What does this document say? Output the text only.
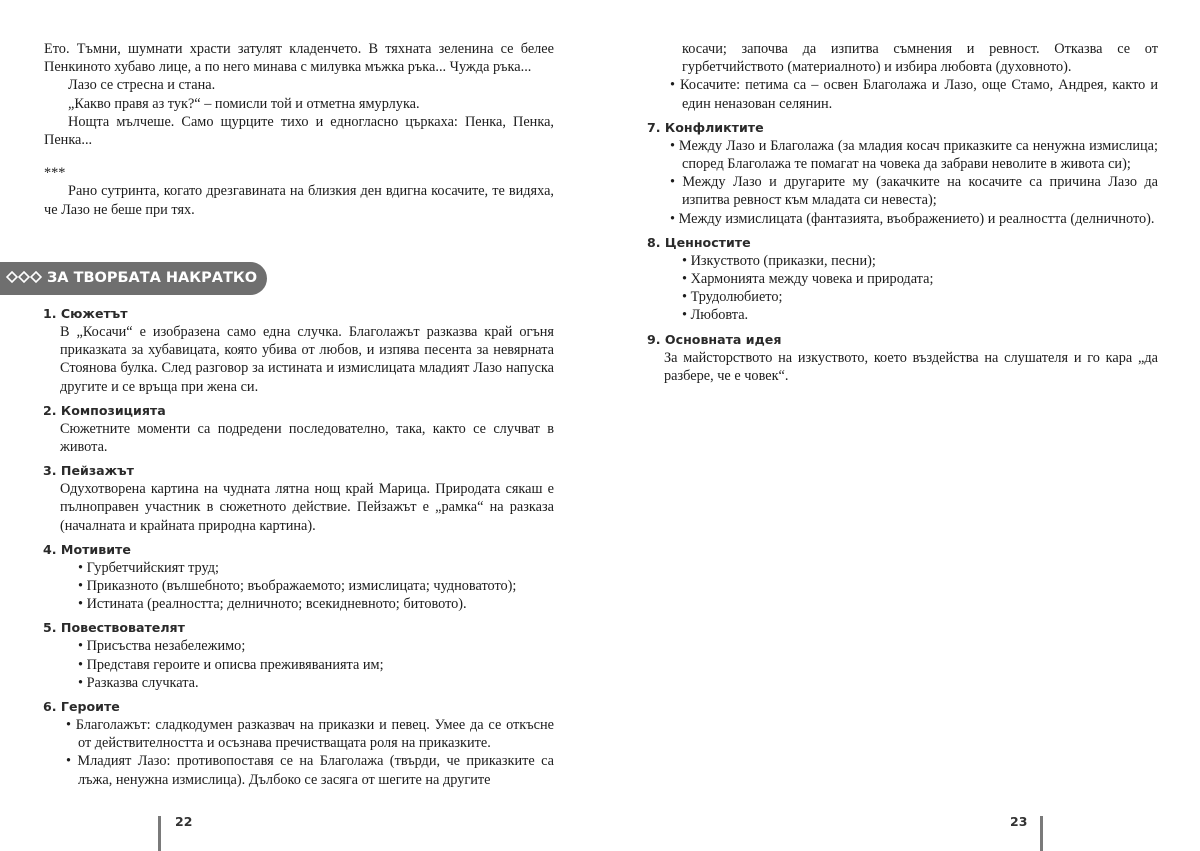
Ето. Тъмни, шумнати храсти затулят кладенчето. В тяхната зеленина се белее Пенкиното хубаво лице, а по него минава с милувка мъжка ръка... Чужда ръка...

Лазо се стресна и стана.

„Какво правя аз тук?“ – помисли той и отметна ямурлука.

Нощта мълчеше. Само щурците тихо и едногласно църкаха: Пенка, Пенка, Пенка...

***

Рано сутринта, когато дрезгавината на близкия ден вдигна косачите, те видяха, че Лазо не беше при тях.

ЗА ТВОРБАТА НАКРАТКО
1. Сюжетът

В „Косачи“ е изобразена само една случка. Благолажът разказва край огъня приказката за хубавицата, която убива от любов, и изпява песента за невярната Стоянова булка. След разговор за истината и измислицата младият Лазо напуска другите и се връща при жена си.

2. Композицията

Сюжетните моменти са подредени последователно, така, както се случват в живота.

3. Пейзажът

Одухотворена картина на чудната лятна нощ край Марица. Природата сякаш е пълноправен участник в сюжетното действие. Пейзажът е „рамка“ на разказа (началната и крайната природна картина).

4. Мотивите

• Гурбетчийският труд;

• Приказното (вълшебното; въображаемото; измислицата; чудноватото);

• Истината (реалността; делничното; всекидневното; битовото).

5. Повествователят

• Присъства незабележимо;

• Представя героите и описва преживяванията им;

• Разказва случката.

6. Героите

• Благолажът: сладкодумен разказвач на приказки и певец. Умее да се откъсне от действителността и осъзнава пречистващата роля на приказките.

• Младият Лазо: противопоставя се на Благолажа (твърди, че приказките са лъжа, ненужна измислица). Дълбоко се засяга от шегите на другите

22

косачи; започва да изпитва съмнения и ревност. Отказва се от гурбетчийството (материалното) и избира любовта (духовното).

• Косачите: петима са – освен Благолажа и Лазо, още Стамо, Андрея, както и един неназован селянин.

7. Конфликтите

• Между Лазо и Благолажа (за младия косач приказките са ненужна измислица; според Благолажа те помагат на човека да забрави неволите в живота си);

• Между Лазо и другарите му (закачките на косачите са причина Лазо да изпитва ревност към младата си невеста);

• Между измислицата (фантазията, въображението) и реалността (делничното).

8. Ценностите

• Изкуството (приказки, песни);

• Хармонията между човека и природата;

• Трудолюбието;

• Любовта.

9. Основната идея

За майсторството на изкуството, което въздейства на слушателя и го кара „да разбере, че е човек“.

23
